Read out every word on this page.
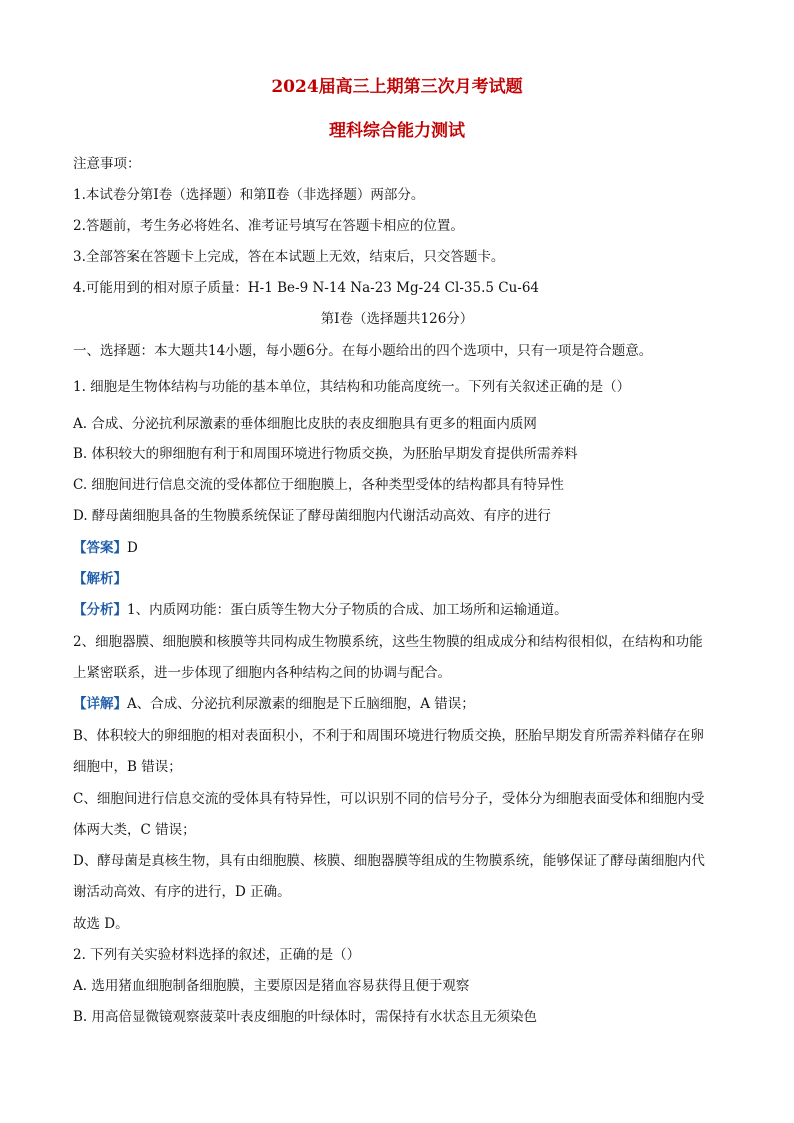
2024届高三上期第三次月考试题
理科综合能力测试
注意事项：
1.本试卷分第Ⅰ卷（选择题）和第Ⅱ卷（非选择题）两部分。
2.答题前，考生务必将姓名、准考证号填写在答题卡相应的位置。
3.全部答案在答题卡上完成，答在本试题上无效，结束后，只交答题卡。
4.可能用到的相对原子质量：H-1 Be-9 N-14 Na-23 Mg-24 Cl-35.5 Cu-64
第Ⅰ卷（选择题共126分）
一、选择题：本大题共14小题，每小题6分。在每小题给出的四个选项中，只有一项是符合题意。
1. 细胞是生物体结构与功能的基本单位，其结构和功能高度统一。下列有关叙述正确的是（）
A. 合成、分泌抗利尿激素的垂体细胞比皮肤的表皮细胞具有更多的粗面内质网
B. 体积较大的卵细胞有利于和周围环境进行物质交换，为胚胎早期发育提供所需养料
C. 细胞间进行信息交流的受体都位于细胞膜上，各种类型受体的结构都具有特异性
D. 酵母菌细胞具备的生物膜系统保证了酵母菌细胞内代谢活动高效、有序的进行
【答案】D
【解析】
【分析】1、内质网功能：蛋白质等生物大分子物质的合成、加工场所和运输通道。
2、细胞器膜、细胞膜和核膜等共同构成生物膜系统，这些生物膜的组成成分和结构很相似，在结构和功能
上紧密联系，进一步体现了细胞内各种结构之间的协调与配合。
【详解】A、合成、分泌抗利尿激素的细胞是下丘脑细胞，A 错误；
B、体积较大的卵细胞的相对表面积小，不利于和周围环境进行物质交换，胚胎早期发育所需养料储存在卵
细胞中，B 错误；
C、细胞间进行信息交流的受体具有特异性，可以识别不同的信号分子，受体分为细胞表面受体和细胞内受
体两大类，C 错误；
D、酵母菌是真核生物，具有由细胞膜、核膜、细胞器膜等组成的生物膜系统，能够保证了酵母菌细胞内代
谢活动高效、有序的进行，D 正确。
故选 D。
2. 下列有关实验材料选择的叙述，正确的是（）
A. 选用猪血细胞制备细胞膜，主要原因是猪血容易获得且便于观察
B. 用高倍显微镜观察菠菜叶表皮细胞的叶绿体时，需保持有水状态且无须染色
